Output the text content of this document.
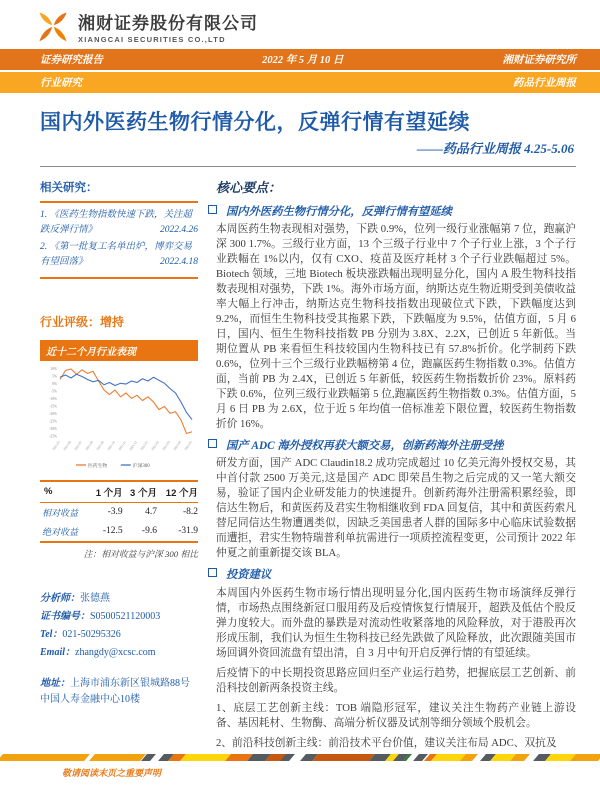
湘财证券股份有限公司
XIANGCAI SECURITIES CO.,LTD
证券研究报告	2022 年 5 月 10 日	湘财证券研究所
行业研究	药品行业周报
国内外医药生物行情分化，反弹行情有望延续
——药品行业周报 4.25-5.06
相关研究：
1. 《医药生物指数快速下跌，关注超跌反弹行情》	2022.4.26
2. 《第一批复工名单出炉，博弈交易有望回落》	2022.4.18
行业评级：增持
近十二个月行业表现
10%
5%
0%
-5%
-10%
-15%
-20%
-25%
-30%
-35%
2021-05 2021-06 2021-07 2021-08 2021-09 2021-10 2021-11 2021-12 2022-01 2022-02 2022-03 2022-04 2022-05
医药生物	沪深300
%	1 个月	3 个月	12 个月
相对收益	-3.9	4.7	-8.2
绝对收益	-12.5	-9.6	-31.9
注：相对收益与沪深 300 相比
分析师：张德燕
证书编号：S0500521120003
Tel：021-50295326
Email：zhangdy@xcsc.com
地址：上海市浦东新区银城路88号中国人寿金融中心10楼
核心要点：
国内外医药生物行情分化，反弹行情有望延续

本周医药生物表现相对强势，下跌 0.9%，位列一级行业涨幅第 7 位，跑赢沪深 300 1.7%。三级行业方面，13 个三级子行业中 7 个子行业上涨，3 个子行业跌幅在 1%以内，仅有 CXO、疫苗及医疗耗材 3 个子行业跌幅超过 5%。Biotech 领域，三地 Biotech 板块涨跌幅出现明显分化，国内 A 股生物科技指数表现相对强势，下跌 1%。海外市场方面，纳斯达克生物近期受到美债收益率大幅上行冲击，纳斯达克生物科技指数出现破位式下跌，下跌幅度达到 9.2%，而恒生生物科技受其拖累下跌，下跌幅度为 9.5%，估值方面，5 月 6 日，国内、恒生生物科技指数 PB 分别为 3.8X、2.2X，已创近 5 年新低。当期位置从 PB 来看恒生科技较国内生物科技已有 57.8%折价。化学制药下跌 0.6%，位列十三个三级行业跌幅榜第 4 位，跑赢医药生物指数 0.3%。估值方面，当前 PB 为 2.4X，已创近 5 年新低，较医药生物指数折价 23%。原料药下跌 0.6%，位列三级行业跌幅第 5 位,跑赢医药生物指数 0.3%。估值方面，5 月 6 日 PB 为 2.6X，位于近 5 年均值一倍标准差下限位置，较医药生物指数折价 16%。

国产 ADC 海外授权再获大额交易，创新药海外注册受挫

研发方面，国产 ADC Claudin18.2 成功完成超过 10 亿美元海外授权交易，其中首付款 2500 万美元,这是国产 ADC 即荣昌生物之后完成的又一笔大额交易，验证了国内企业研发能力的快速提升。创新药海外注册需积累经验，即信达生物后，和黄医药及君实生物相继收到 FDA 回复信，其中和黄医药索凡替尼同信达生物遭遇类似，因缺乏美国患者人群的国际多中心临床试验数据而遭拒，君实生物特瑞普利单抗需进行一项质控流程变更，公司预计 2022 年仲夏之前重新提交该 BLA。

投资建议

本周国内外医药生物市场行情出现明显分化,国内医药生物市场演绎反弹行情，市场热点围绕新冠口服用药及后疫情恢复行情展开，超跌及低估个股反弹力度较大。而外盘的暴跌是对流动性收紧落地的风险释放，对于港股再次形成压制，我们认为恒生生物科技已经先跌做了风险释放，此次跟随美国市场回调外资回流盘有望出清，自 3 月中旬开启反弹行情的有望延续。

后疫情下的中长期投资思路应回归至产业运行趋势，把握底层工艺创新、前沿科技创新两条投资主线。

1、底层工艺创新主线：TOB 端隐形冠军，建议关注生物药产业链上游设备、基因耗材、生物酶、高端分析仪器及试剂等细分领域个股机会。

2、前沿科技创新主线：前沿技术平台价值，建议关注布局 ADC、双抗及

敬请阅读末页之重要声明
